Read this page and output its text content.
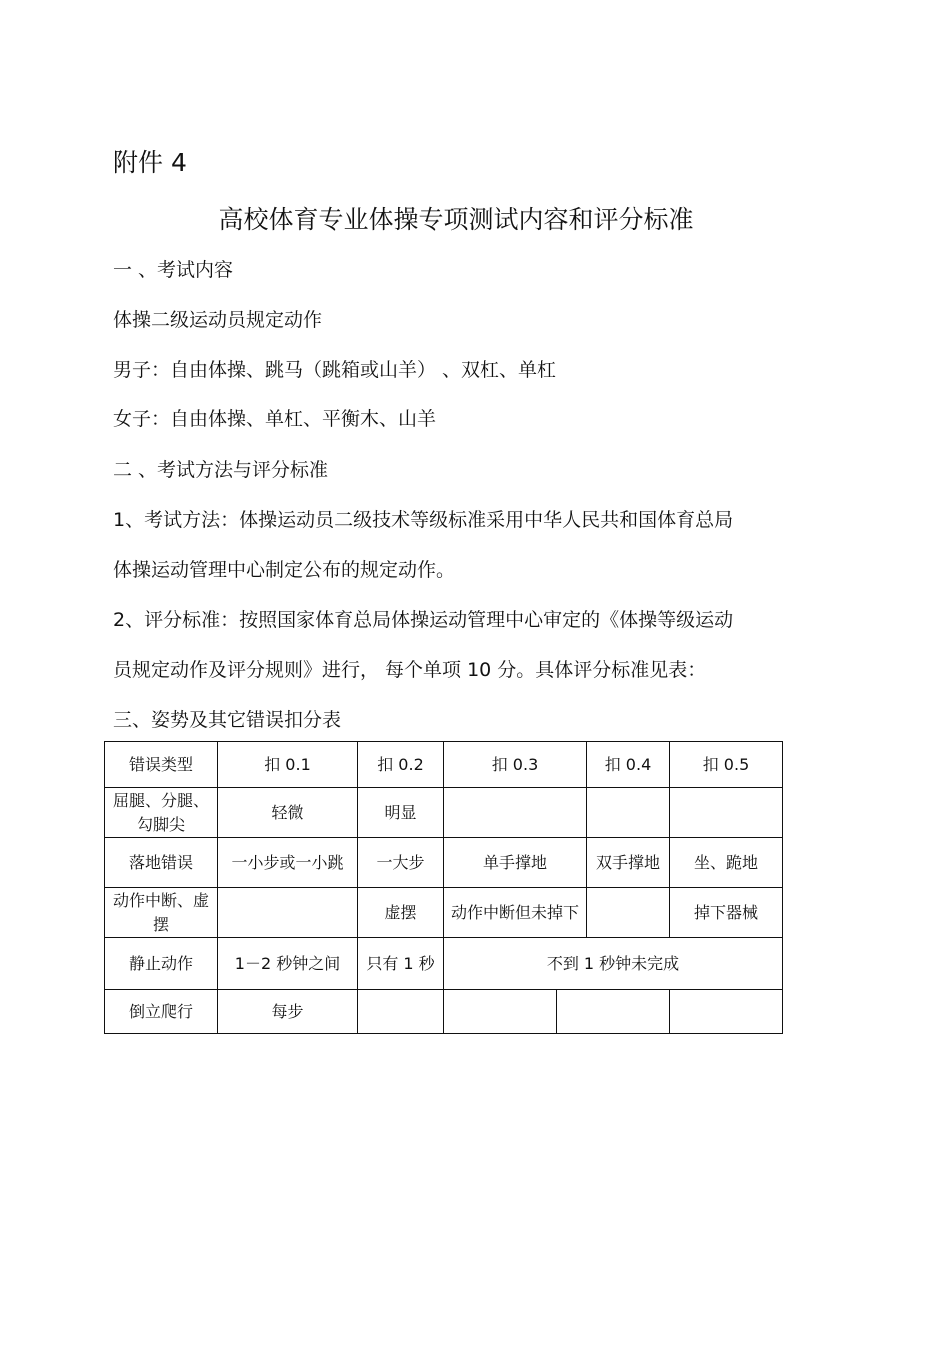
附件 4
高校体育专业体操专项测试内容和评分标准
一 、考试内容
体操二级运动员规定动作
男子：自由体操、跳马（跳箱或山羊） 、双杠、单杠
女子：自由体操、单杠、平衡木、山羊
二 、考试方法与评分标准
1、考试方法：体操运动员二级技术等级标准采用中华人民共和国体育总局
体操运动管理中心制定公布的规定动作。
2、评分标准：按照国家体育总局体操运动管理中心审定的《体操等级运动
员规定动作及评分规则》进行， 每个单项 10 分。具体评分标准见表：
三、姿势及其它错误扣分表
错误类型	扣 0.1	扣 0.2	扣 0.3		扣 0.4	扣 0.5
屈腿、分腿、勾脚尖	轻微	明显				
落地错误	一小步或一小跳	一大步	单手撑地		双手撑地	坐、跪地
动作中断、虚摆		虚摆	动作中断但未掉下			掉下器械
静止动作	1－2 秒钟之间	只有 1 秒	不到 1 秒钟未完成			
倒立爬行	每步					
